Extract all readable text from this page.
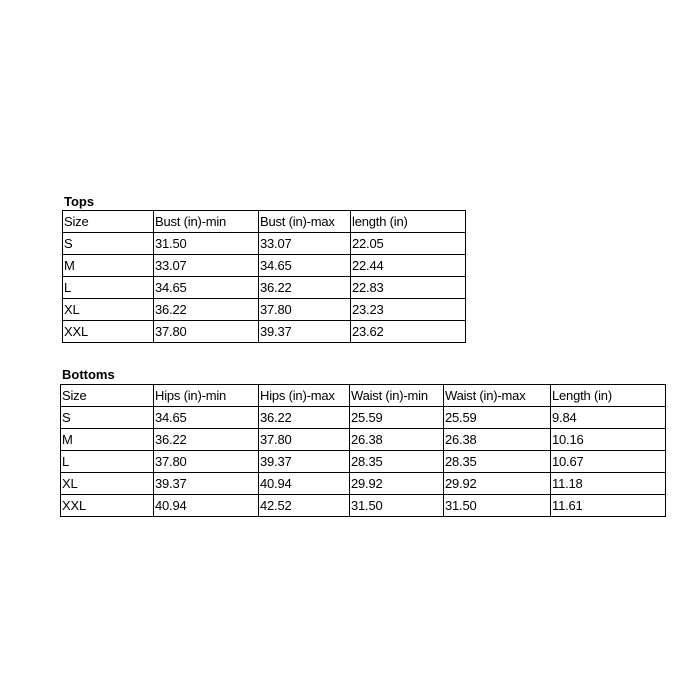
Tops
Size	Bust (in)-min	Bust (in)-max	length (in)
S	31.50	33.07	22.05
M	33.07	34.65	22.44
L	34.65	36.22	22.83
XL	36.22	37.80	23.23
XXL	37.80	39.37	23.62
Bottoms
Size	Hips (in)-min	Hips (in)-max	Waist (in)-min	Waist (in)-max	Length (in)
S	34.65	36.22	25.59	25.59	9.84
M	36.22	37.80	26.38	26.38	10.16
L	37.80	39.37	28.35	28.35	10.67
XL	39.37	40.94	29.92	29.92	11.18
XXL	40.94	42.52	31.50	31.50	11.61
